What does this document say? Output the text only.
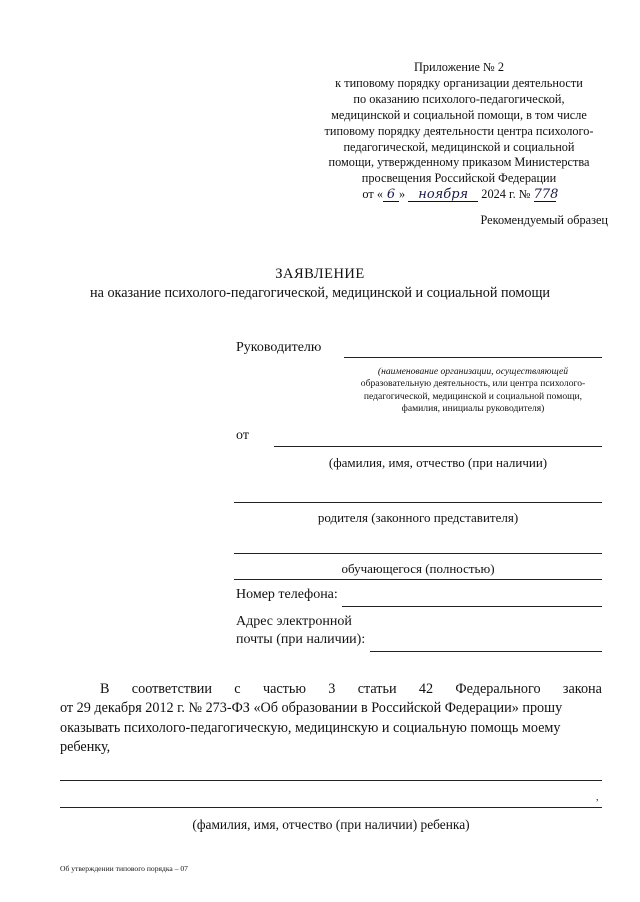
Приложение № 2
к типовому порядку организации деятельности
по оказанию психолого-педагогической,
медицинской и социальной помощи, в том числе
типовому порядку деятельности центра психолого-
педагогической, медицинской и социальной
помощи, утвержденному приказом Министерства
просвещения Российской Федерации
от « 6 » ноября 2024 г. № 778
Рекомендуемый образец
ЗАЯВЛЕНИЕ
на оказание психолого-педагогической, медицинской и социальной помощи
Руководителю
(наименование организации, осуществляющей
образовательную деятельность, или центра психолого-
педагогической, медицинской и социальной помощи,
фамилия, инициалы руководителя)
от
(фамилия, имя, отчество (при наличии)
родителя (законного представителя)
обучающегося (полностью)
Номер телефона:
Адрес электронной
почты (при наличии):
В соответствии с частью 3 статьи 42 Федерального закона
от 29 декабря 2012 г. № 273-ФЗ «Об образовании в Российской Федерации» прошу
оказывать психолого-педагогическую, медицинскую и социальную помощь моему
ребенку,
,
(фамилия, имя, отчество (при наличии) ребенка)
Об утверждении типового порядка – 07
